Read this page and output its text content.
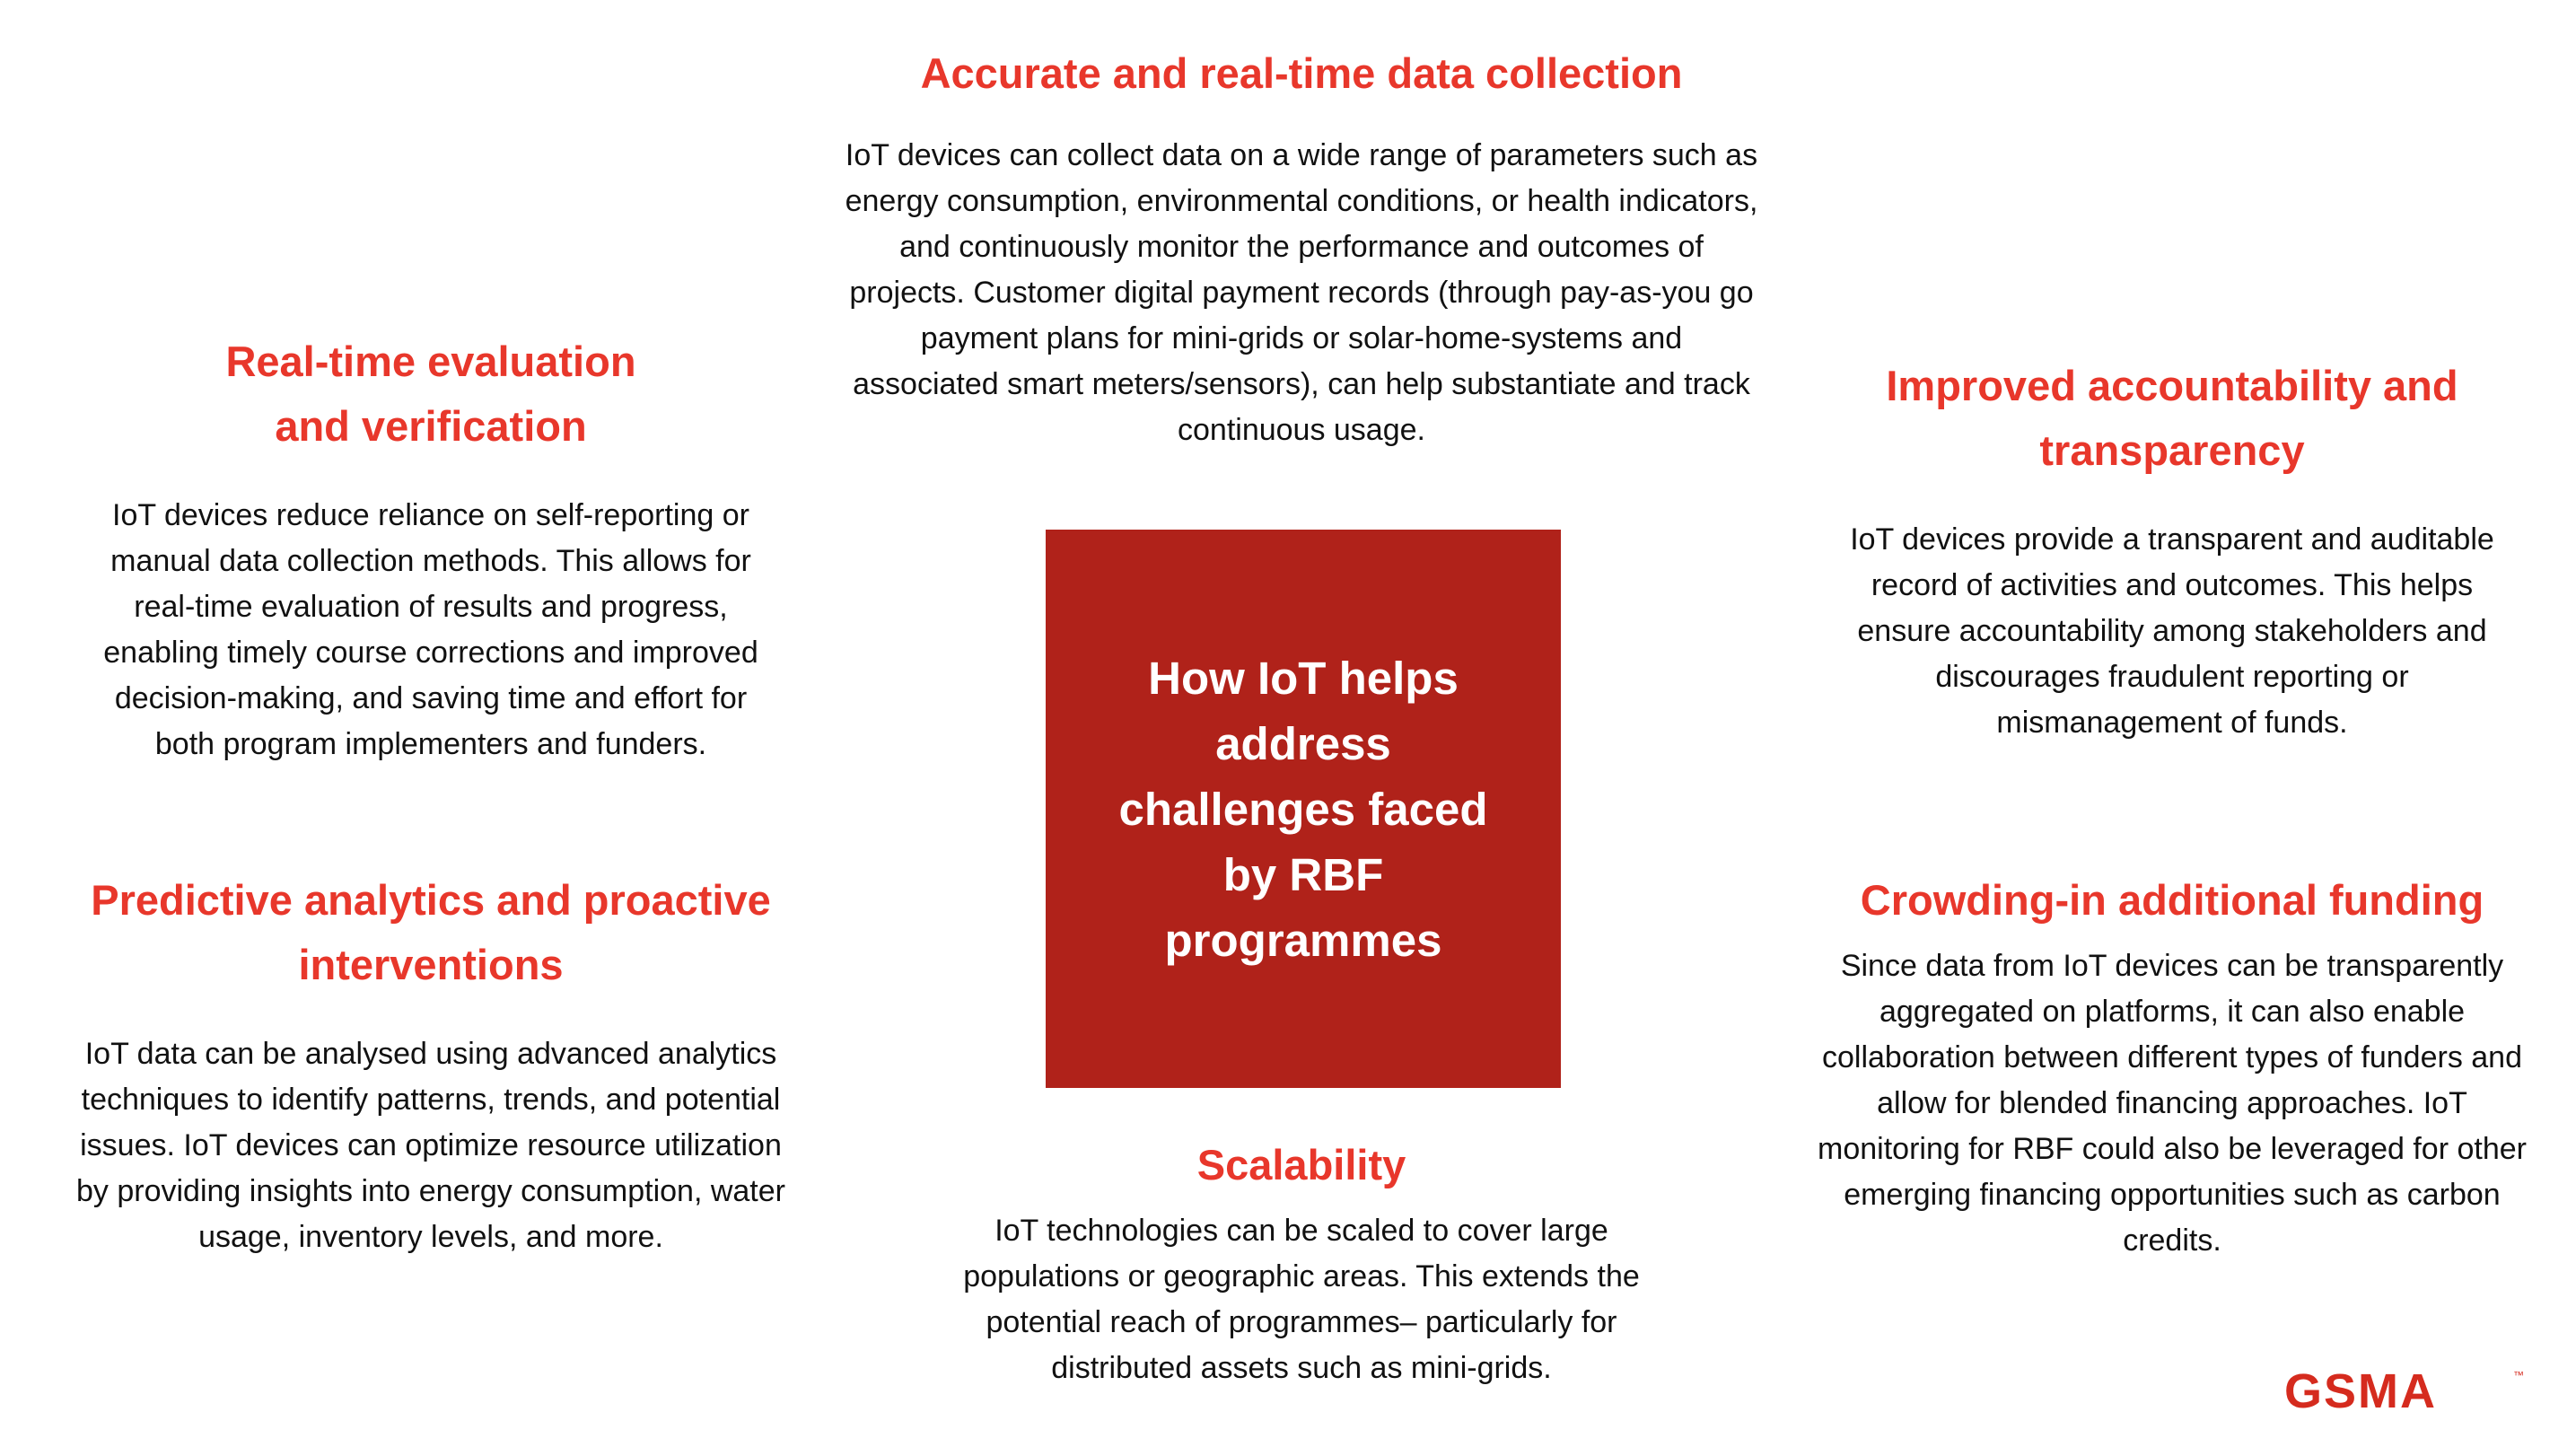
Accurate and real-time data collection

IoT devices can collect data on a wide range of parameters such as energy consumption, environmental conditions, or health indicators, and continuously monitor the performance and outcomes of projects. Customer digital payment records (through pay-as-you go payment plans for mini-grids or solar-home-systems and associated smart meters/sensors), can help substantiate and track continuous usage.

Real-time evaluation and verification

IoT devices reduce reliance on self-reporting or manual data collection methods. This allows for real-time evaluation of results and progress, enabling timely course corrections and improved decision-making, and saving time and effort for both program implementers and funders.

Predictive analytics and proactive interventions

IoT data can be analysed using advanced analytics techniques to identify patterns, trends, and potential issues. IoT devices can optimize resource utilization by providing insights into energy consumption, water usage, inventory levels, and more.

How IoT helps address challenges faced by RBF programmes

Scalability

IoT technologies can be scaled to cover large populations or geographic areas. This extends the potential reach of programmes– particularly for distributed assets such as mini-grids.

Improved accountability and transparency

IoT devices provide a transparent and auditable record of activities and outcomes. This helps ensure accountability among stakeholders and discourages fraudulent reporting or mismanagement of funds.

Crowding-in additional funding

Since data from IoT devices can be transparently aggregated on platforms, it can also enable collaboration between different types of funders and allow for blended financing approaches. IoT monitoring for RBF could also be leveraged for other emerging financing opportunities such as carbon credits.

GSMA	™
